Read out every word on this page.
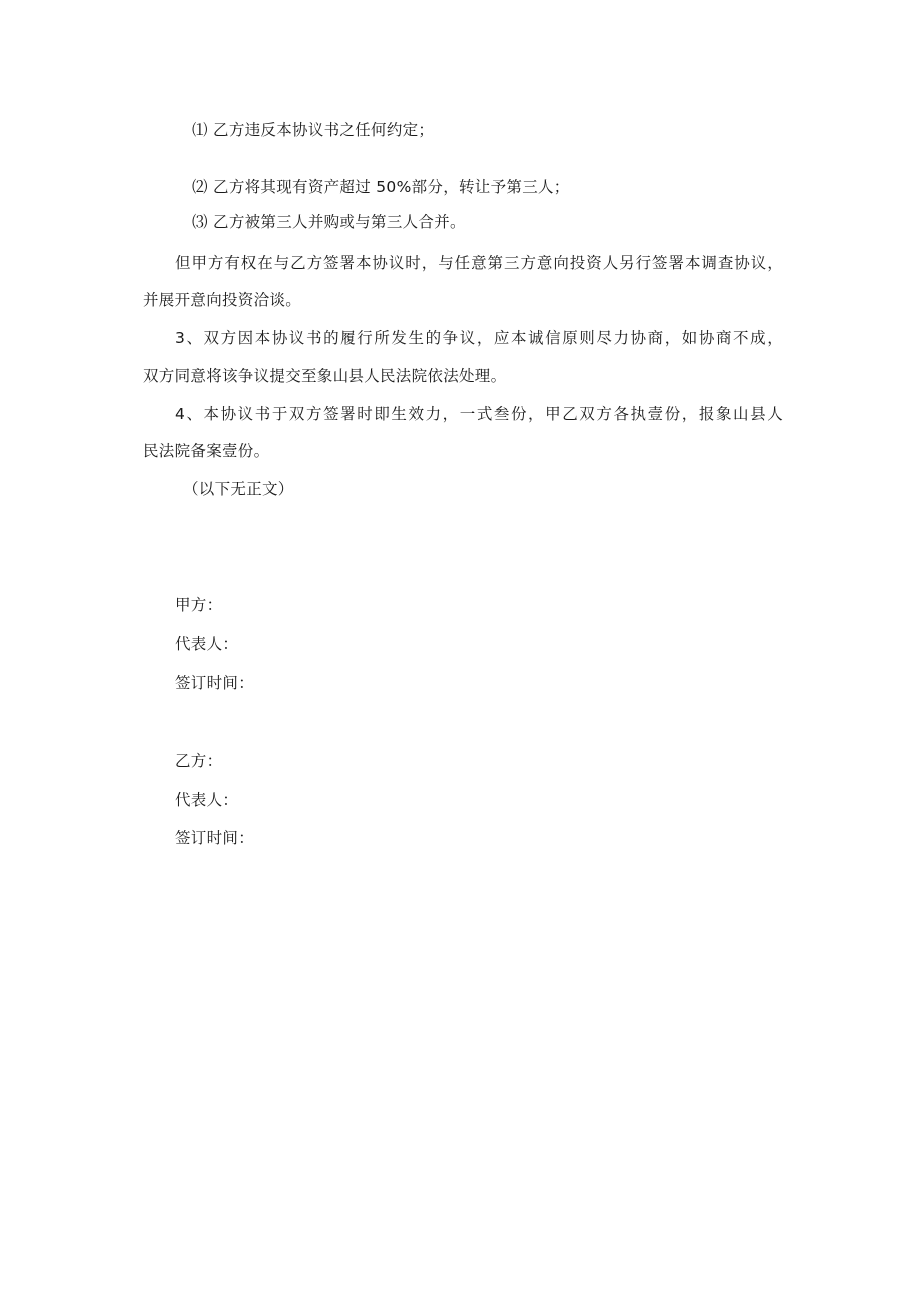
⑴ 乙方违反本协议书之任何约定；
⑵ 乙方将其现有资产超过 50%部分，转让予第三人；
⑶ 乙方被第三人并购或与第三人合并。
但甲方有权在与乙方签署本协议时，与任意第三方意向投资人另行签署本调查协议，
并展开意向投资洽谈。
3、双方因本协议书的履行所发生的争议，应本诚信原则尽力协商，如协商不成，
双方同意将该争议提交至象山县人民法院依法处理。
4、本协议书于双方签署时即生效力，一式叁份，甲乙双方各执壹份，报象山县人
民法院备案壹份。
（以下无正文）
甲方：
代表人：
签订时间：
乙方：
代表人：
签订时间：
